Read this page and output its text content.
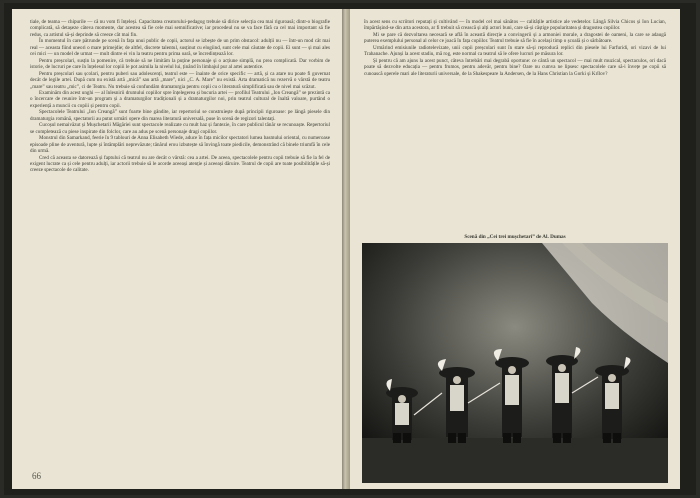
tiale, de teama — chipurile — că nu vom fi înțeleși. Capacitatea creatorului-pedagog trebuie să dirice selecția cea mai riguroasă; dintr-o biografie complicată, să detașeze câteva momente, dar acestea să fie cele mai semnificative; iar procedeul nu se va face fără ca cel mai important să fie redus, ca artistul să-și deprinde să creeze cât mai fin.

În momentul în care pătrunde pe scenă în fața unui public de copii, actorul se izbește de un prim obstacol: adulții nu — într-un mod cât mai real — aceasta fiind uneori o mare primejdie; de altfel, discrete talentul, susținut cu elogiind, sunt cele mai căutate de copii. Ei sunt — și mai ales cei mici — un model de urmat — mult dintre ei vin la teatru pentru prima oară, se încredințează lor.

Pentru preșcolari, susțin la pomenire, că trebuie să ne limităm la puține personaje și o acțiune simplă, nu prea complicată. Dar vorbim de istorie, de lucruri pe care în înțelesul lor copiii le pot asimila la nivelul lui, ținând în limbajul pur al artei autentice.

Pentru preșcolari sau școlari, pentru puberi sau adolescenți, teatrul este — înainte de orice specific — artă, și ca atare nu poate fi guvernat decât de legile artei. După cum nu există artă „mică” sau artă „mare”, nici „C. A. Mare” nu există. Arta dramatică nu rezervă o vârstă de teatru „mare” sau teatru „mic”, ci de Teatru. Nu trebuie să confundăm dramaturgia pentru copii cu o literatură simplificată sau de nivel mai scăzut.

Examinăm din acest unghi — al înlesnirii drumului copiilor spre înțelegerea și bucuria artei — profilul Teatrului „Ion Creangă” se prezintă ca o încercare de reunire într-un program și a dramaturgilor tradiționali și a dramaturgilor noi, prin teatrul cultural de înaltă valoare, purtând o experiență a muncii cu copiii și pentru copii.

Spectacolele Teatrului „Ion Creangă” sunt foarte bine gândite, iar repertoriul se construiește după principii riguroase: pe lângă piesele din dramaturgia română, spectatorii au putut urmări opere din marea literatură universală, puse în scenă de regizori talentați.

Cucoșul nemaivăzut și Mușchetarii Măgăriei sunt spectacole realizate cu mult haz și fantezie, în care publicul tânăr se recunoaște. Repertoriul se completează cu piese inspirate din folclor, care au adus pe scenă personaje dragi copiilor.

Monstrul din Samarkand, feerie în 9 tablouri de Anna Elisabeth Wiede, aduce în fața micilor spectatori lumea basmului oriental, cu numeroase episoade pline de aventură, lupte și întâmplări neprevăzute; tânărul erou izbutește să învingă toate piedicile, demonstrând că binele triumfă în cele din urmă.

Cred că aceasta se datorează și faptului că teatrul nu are decât o vârstă: cea a artei. De aceea, spectacolele pentru copii trebuie să fie la fel de exigent lucrate ca și cele pentru adulți, iar actorii trebuie să le acorde aceeași atenție și aceeași dăruire. Teatrul de copii are toate posibilitățile să-și creeze spectacole de calitate.

66

în acest sens cu scriitori reputați și cultivând — în model cel mai sănătos — calitățile artistice ale vedetelor. Lângă Silvia Chicos și Ion Lucian, împărtășind-se din arta acestora, ar fi trebuit să crească și alți actori buni, care să-și câștige popularitatea și dragostea copiilor.

Mi se pare că dezvoltarea necesară se află în această direcție a convingerii și a armoniei morale, a dragostei de oameni, la care se adaugă puterea exemplului personal al celor ce joacă în fața copiilor. Teatrul trebuie să fie în același timp o școală și o sărbătoare.

Urmărind emisiunile radiotelevizate, unii copii preșcolari sunt în stare să-și reproducă replici din piesele lui Farfuridi, ori vizavi de lui Trahanache. Ajunși la acest stadiu, mă rog, este normal ca teatrul să le ofere lucruri pe măsura lor.

Și pentru că am ajuns la acest punct, câteva întrebări mai degrabă oportune: ce cântă un spectacol — mai mult muzical, spectaculos, ori dacă poate să dezvolte educația — pentru frumos, pentru adevăr, pentru bine? Oare nu cumva ne lipsesc spectacolele care să-i învețe pe copii să cunoască operele mari ale literaturii universale, de la Shakespeare la Andersen, de la Hans Christian la Gorki și Krîlov?

Scenă din „Cei trei mușchetari” de Al. Dumas
